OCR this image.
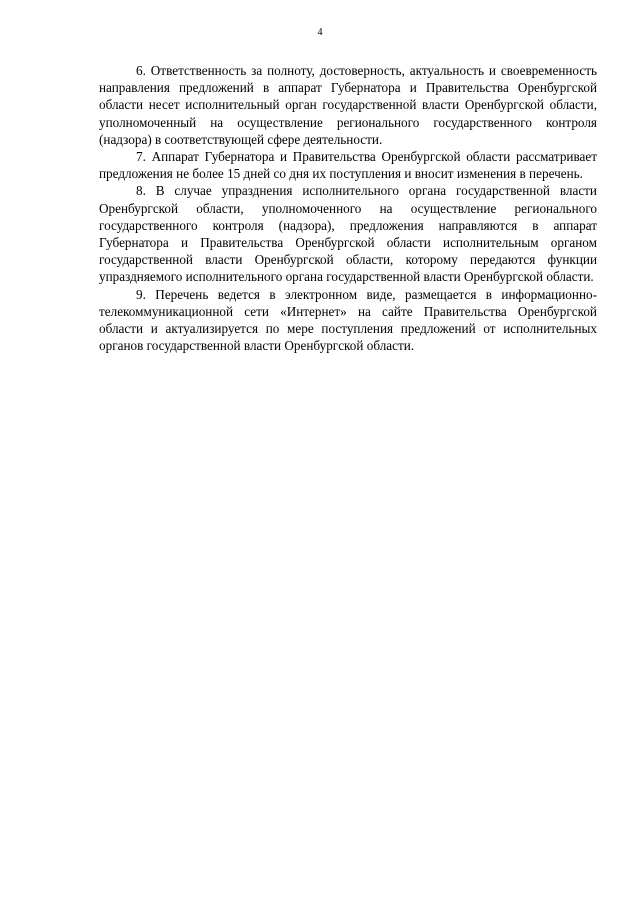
4

6. Ответственность за полноту, достоверность, актуальность и своевременность направления предложений в аппарат Губернатора и Правительства Оренбургской области несет исполнительный орган государственной власти Оренбургской области, уполномоченный на осуществление регионального государственного контроля (надзора) в соответствующей сфере деятельности.

7. Аппарат Губернатора и Правительства Оренбургской области рассматривает предложения не более 15 дней со дня их поступления и вносит изменения в перечень.

8. В случае упразднения исполнительного органа государственной власти Оренбургской области, уполномоченного на осуществление регионального государственного контроля (надзора), предложения направляются в аппарат Губернатора и Правительства Оренбургской области исполнительным органом государственной власти Оренбургской области, которому передаются функции упраздняемого исполнительного органа государственной власти Оренбургской области.

9. Перечень ведется в электронном виде, размещается в информационно-телекоммуникационной сети «Интернет» на сайте Правительства Оренбургской области и актуализируется по мере поступления предложений от исполнительных органов государственной власти Оренбургской области.
